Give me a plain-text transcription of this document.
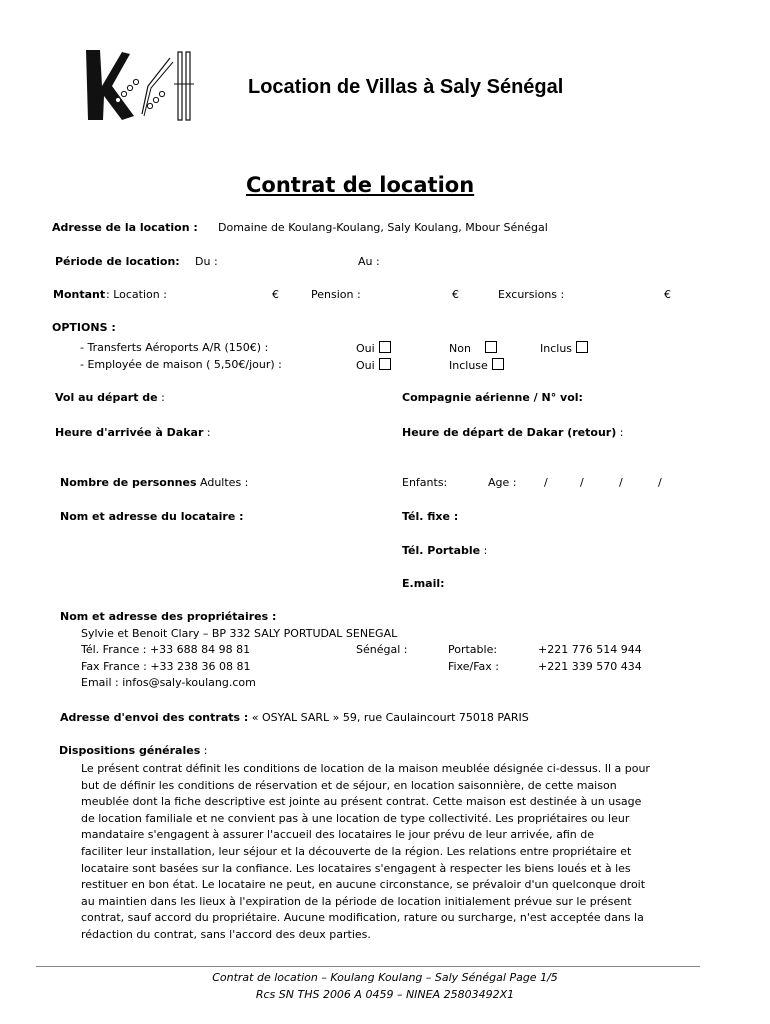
Location de Villas à Saly Sénégal
Contrat de location
Adresse de la location : Domaine de Koulang-Koulang, Saly Koulang, Mbour Sénégal
Période de location: Du :	Au :
Montant : Location :	€	Pension :	€	Excursions :	€
OPTIONS :
- Transferts Aéroports A/R (150€) :	Oui	Non	Inclus
- Employée de maison ( 5,50€/jour) :	Oui	Incluse
Vol au départ de :	Compagnie aérienne / N° vol:
Heure d'arrivée à Dakar :	Heure de départ de Dakar (retour) :
Nombre de personnes Adultes :	Enfants:	Age :	/	/	/	/
Nom et adresse du locataire :	Tél. fixe :
Tél. Portable :
E.mail:
Nom et adresse des propriétaires :
Sylvie et Benoit Clary – BP 332 SALY PORTUDAL SENEGAL
Tél. France : +33 688 84 98 81	Sénégal :	Portable:	+221 776 514 944
Fax France : +33 238 36 08 81	Fixe/Fax :	+221 339 570 434
Email : infos@saly-koulang.com
Adresse d'envoi des contrats : « OSYAL SARL » 59, rue Caulaincourt 75018 PARIS
Dispositions générales :

Le présent contrat définit les conditions de location de la maison meublée désignée ci-dessus. Il a pour
but de définir les conditions de réservation et de séjour, en location saisonnière, de cette maison
meublée dont la fiche descriptive est jointe au présent contrat. Cette maison est destinée à un usage
de location familiale et ne convient pas à une location de type collectivité. Les propriétaires ou leur
mandataire s'engagent à assurer l'accueil des locataires le jour prévu de leur arrivée, afin de
faciliter leur installation, leur séjour et la découverte de la région. Les relations entre propriétaire et
locataire sont basées sur la confiance. Les locataires s'engagent à respecter les biens loués et à les
restituer en bon état. Le locataire ne peut, en aucune circonstance, se prévaloir d'un quelconque droit
au maintien dans les lieux à l'expiration de la période de location initialement prévue sur le présent
contrat, sauf accord du propriétaire. Aucune modification, rature ou surcharge, n'est acceptée dans la
rédaction du contrat, sans l'accord des deux parties.

Contrat de location – Koulang Koulang – Saly Sénégal Page 1/5
Rcs SN THS 2006 A 0459 – NINEA 25803492X1
